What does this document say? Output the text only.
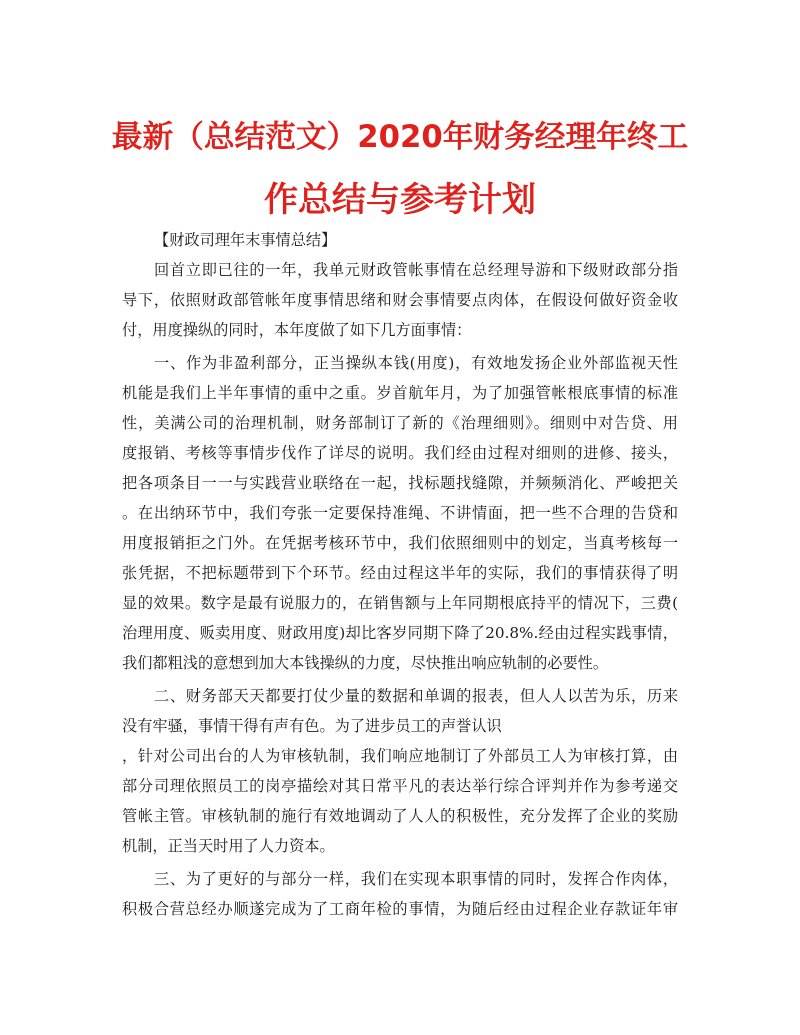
最新（总结范文）2020年财务经理年终工
作总结与参考计划
【财政司理年末事情总结】
回首立即已往的一年，我单元财政管帐事情在总经理导游和下级财政部分指
导下，依照财政部管帐年度事情思绪和财会事情要点肉体，在假设何做好资金收
付，用度操纵的同时，本年度做了如下几方面事情：
一、作为非盈利部分，正当操纵本钱(用度)，有效地发扬企业外部监视天性
机能是我们上半年事情的重中之重。岁首航年月，为了加强管帐根底事情的标准
性，美满公司的治理机制，财务部制订了新的《治理细则》。细则中对告贷、用
度报销、考核等事情步伐作了详尽的说明。我们经由过程对细则的进修、接头，
把各项条目一一与实践营业联络在一起，找标题找缝隙，并频频消化、严峻把关
。在出纳环节中，我们夸张一定要保持准绳、不讲情面，把一些不合理的告贷和
用度报销拒之门外。在凭据考核环节中，我们依照细则中的划定，当真考核每一
张凭据，不把标题带到下个环节。经由过程这半年的实际，我们的事情获得了明
显的效果。数字是最有说服力的，在销售额与上年同期根底持平的情况下，三费(
治理用度、贩卖用度、财政用度)却比客岁同期下降了20.8%.经由过程实践事情，
我们都粗浅的意想到加大本钱操纵的力度，尽快推出响应轨制的必要性。
二、财务部天天都要打仗少量的数据和单调的报表，但人人以苦为乐，历来
没有牢骚，事情干得有声有色。为了进步员工的声誉认识
，针对公司出台的人为审核轨制，我们响应地制订了外部员工人为审核打算，由
部分司理依照员工的岗亭描绘对其日常平凡的表达举行综合评判并作为参考递交
管帐主管。审核轨制的施行有效地调动了人人的积极性，充分发挥了企业的奖励
机制，正当天时用了人力资本。
三、为了更好的与部分一样，我们在实现本职事情的同时，发挥合作肉体，
积极合营总经办顺遂完成为了工商年检的事情，为随后经由过程企业存款证年审
